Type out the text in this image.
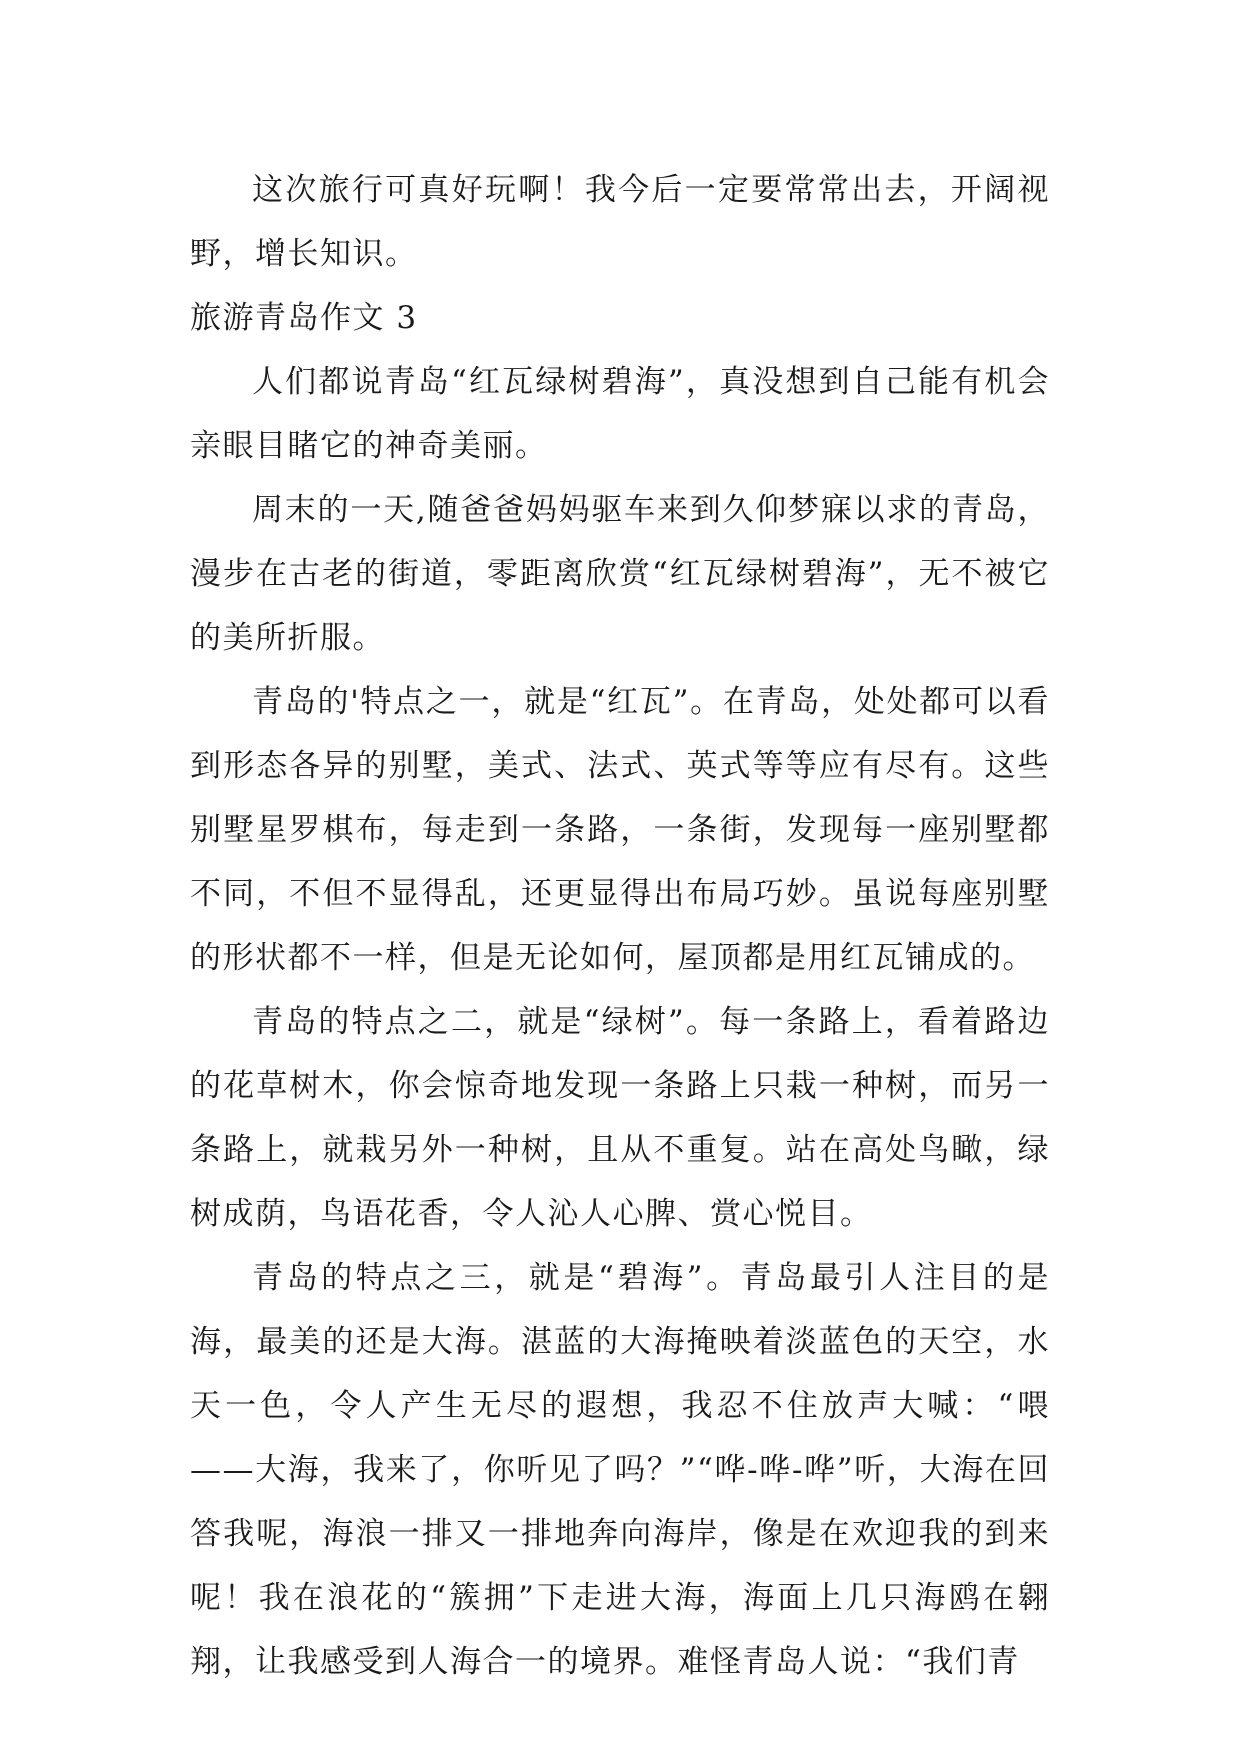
这次旅行可真好玩啊！我今后一定要常常出去，开阔视野，增长知识。

旅游青岛作文 3

人们都说青岛“红瓦绿树碧海”，真没想到自己能有机会亲眼目睹它的神奇美丽。

周末的一天,随爸爸妈妈驱车来到久仰梦寐以求的青岛，漫步在古老的街道，零距离欣赏“红瓦绿树碧海”，无不被它的美所折服。

青岛的'特点之一，就是“红瓦”。在青岛，处处都可以看到形态各异的别墅，美式、法式、英式等等应有尽有。这些别墅星罗棋布，每走到一条路，一条街，发现每一座别墅都不同，不但不显得乱，还更显得出布局巧妙。虽说每座别墅的形状都不一样，但是无论如何，屋顶都是用红瓦铺成的。

青岛的特点之二，就是“绿树”。每一条路上，看着路边的花草树木，你会惊奇地发现一条路上只栽一种树，而另一条路上，就栽另外一种树，且从不重复。站在高处鸟瞰，绿树成荫，鸟语花香，令人沁人心脾、赏心悦目。

青岛的特点之三，就是“碧海”。青岛最引人注目的是海，最美的还是大海。湛蓝的大海掩映着淡蓝色的天空，水天一色，令人产生无尽的遐想，我忍不住放声大喊：“喂——大海，我来了，你听见了吗？”“哗-哗-哗”听，大海在回答我呢，海浪一排又一排地奔向海岸，像是在欢迎我的到来呢！我在浪花的“簇拥”下走进大海，海面上几只海鸥在翱翔，让我感受到人海合一的境界。难怪青岛人说：“我们青
